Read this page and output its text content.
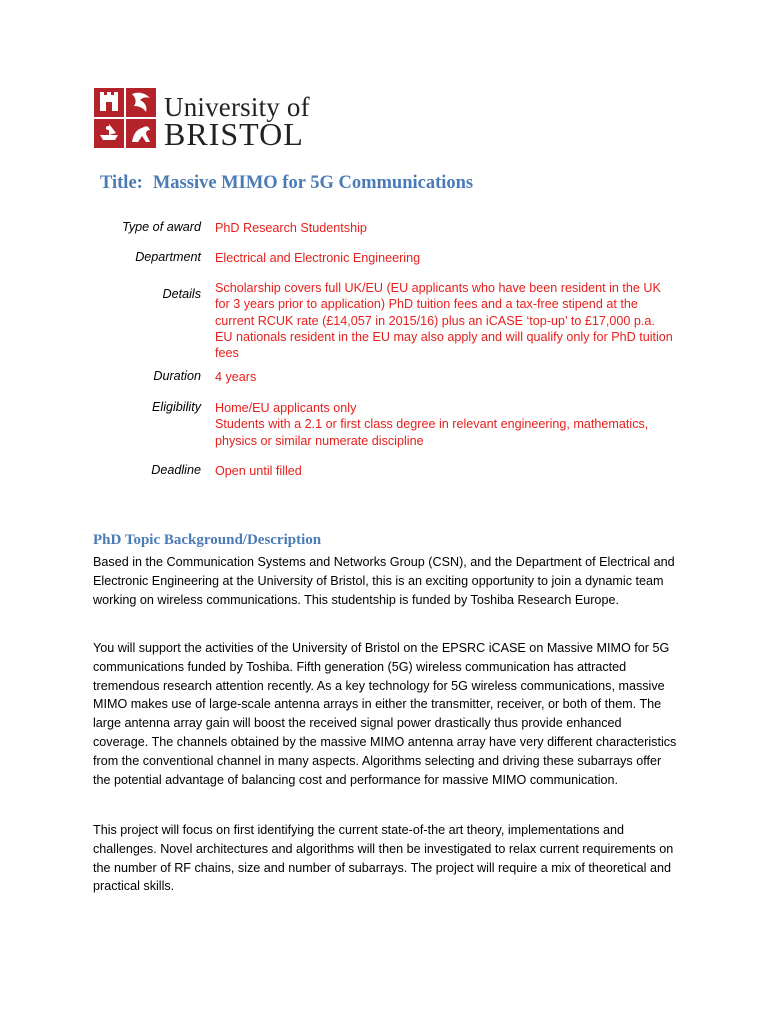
University of
BRISTOL
Title: Massive MIMO for 5G Communications
Type of award PhD Research Studentship
Department Electrical and Electronic Engineering
Details Scholarship covers full UK/EU (EU applicants who have been resident in the UK for 3 years prior to application) PhD tuition fees and a tax-free stipend at the current RCUK rate (£14,057 in 2015/16) plus an iCASE ‘top-up’ to £17,000 p.a. EU nationals resident in the EU may also apply and will qualify only for PhD tuition fees
Duration 4 years
Eligibility Home/EU applicants only
Students with a 2.1 or first class degree in relevant engineering, mathematics, physics or similar numerate discipline
Deadline Open until filled
PhD Topic Background/Description
Based in the Communication Systems and Networks Group (CSN), and the Department of Electrical and Electronic Engineering at the University of Bristol, this is an exciting opportunity to join a dynamic team working on wireless communications. This studentship is funded by Toshiba Research Europe.
You will support the activities of the University of Bristol on the EPSRC iCASE on Massive MIMO for 5G communications funded by Toshiba. Fifth generation (5G) wireless communication has attracted tremendous research attention recently. As a key technology for 5G wireless communications, massive MIMO makes use of large-scale antenna arrays in either the transmitter, receiver, or both of them. The large antenna array gain will boost the received signal power drastically thus provide enhanced coverage. The channels obtained by the massive MIMO antenna array have very different characteristics from the conventional channel in many aspects. Algorithms selecting and driving these subarrays offer the potential advantage of balancing cost and performance for massive MIMO communication.
This project will focus on first identifying the current state-of-the art theory, implementations and challenges. Novel architectures and algorithms will then be investigated to relax current requirements on the number of RF chains, size and number of subarrays. The project will require a mix of theoretical and practical skills.
